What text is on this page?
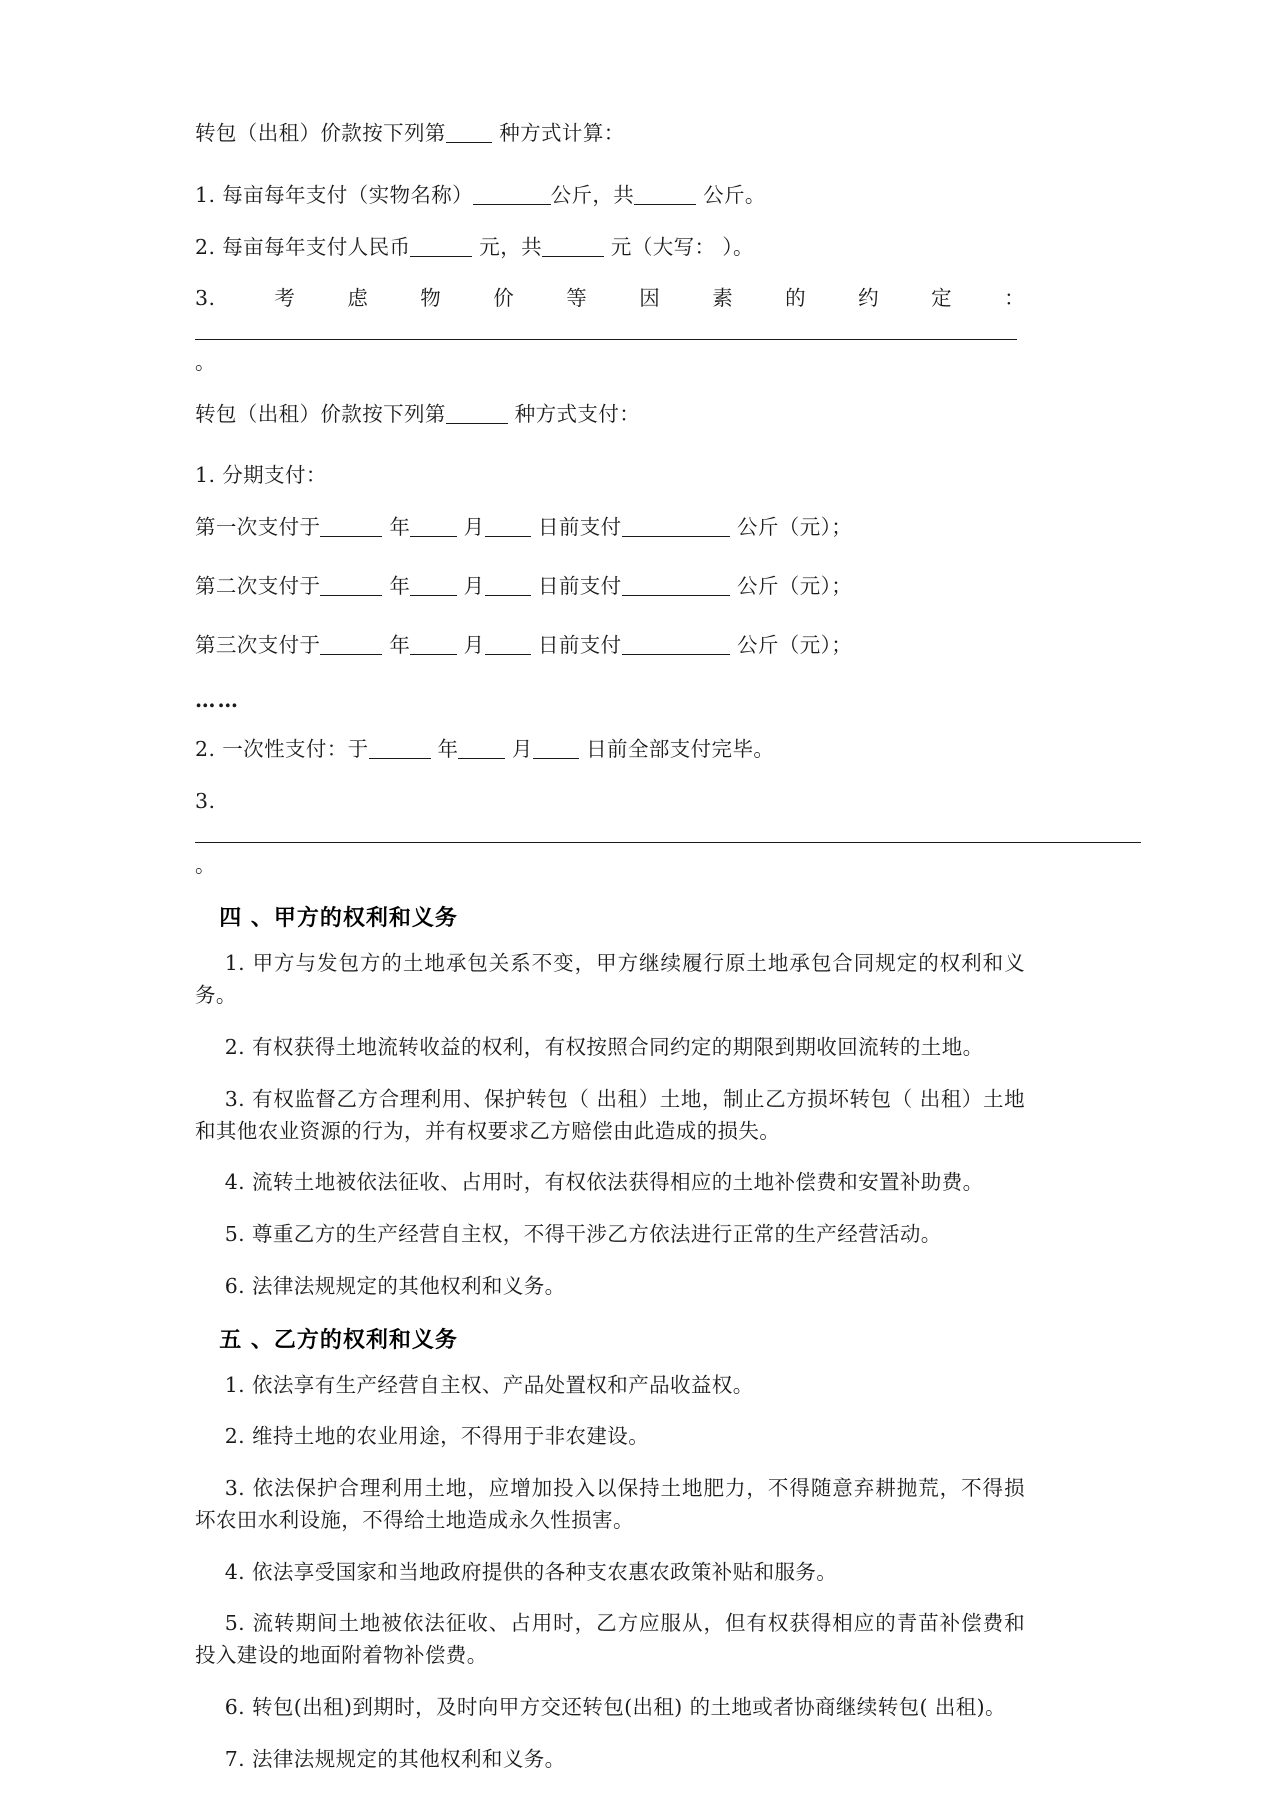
转包（出租）价款按下列第 种方式计算：

1. 每亩每年支付（实物名称）	公斤，共	公斤。

2. 每亩每年支付人民币	元，共	元（大写： ）。

3. 考虑物价等因素的约定：。

转包（出租）价款按下列第	种方式支付：

1. 分期支付：

第一次支付于	年 月 日前支付	公斤（元）；

第二次支付于	年 月 日前支付	公斤（元）；

第三次支付于	年 月 日前支付	公斤（元）；

……

2. 一次性支付：于	年 月 日前全部支付完毕。

3. 。

四 、甲方的权利和义务

1. 甲方与发包方的土地承包关系不变，甲方继续履行原土地承包合同规定的权利和义务。

2. 有权获得土地流转收益的权利，有权按照合同约定的期限到期收回流转的土地。

3. 有权监督乙方合理利用、保护转包（ 出租）土地，制止乙方损坏转包（ 出租）土地和其他农业资源的行为，并有权要求乙方赔偿由此造成的损失。

4. 流转土地被依法征收、占用时，有权依法获得相应的土地补偿费和安置补助费。

5. 尊重乙方的生产经营自主权，不得干涉乙方依法进行正常的生产经营活动。

6. 法律法规规定的其他权利和义务。

五 、乙方的权利和义务

1. 依法享有生产经营自主权、产品处置权和产品收益权。

2. 维持土地的农业用途，不得用于非农建设。

3. 依法保护合理利用土地，应增加投入以保持土地肥力，不得随意弃耕抛荒，不得损坏农田水利设施，不得给土地造成永久性损害。

4. 依法享受国家和当地政府提供的各种支农惠农政策补贴和服务。

5. 流转期间土地被依法征收、占用时，乙方应服从，但有权获得相应的青苗补偿费和投入建设的地面附着物补偿费。

6. 转包(出租)到期时，及时向甲方交还转包(出租) 的土地或者协商继续转包( 出租)。

7. 法律法规规定的其他权利和义务。
